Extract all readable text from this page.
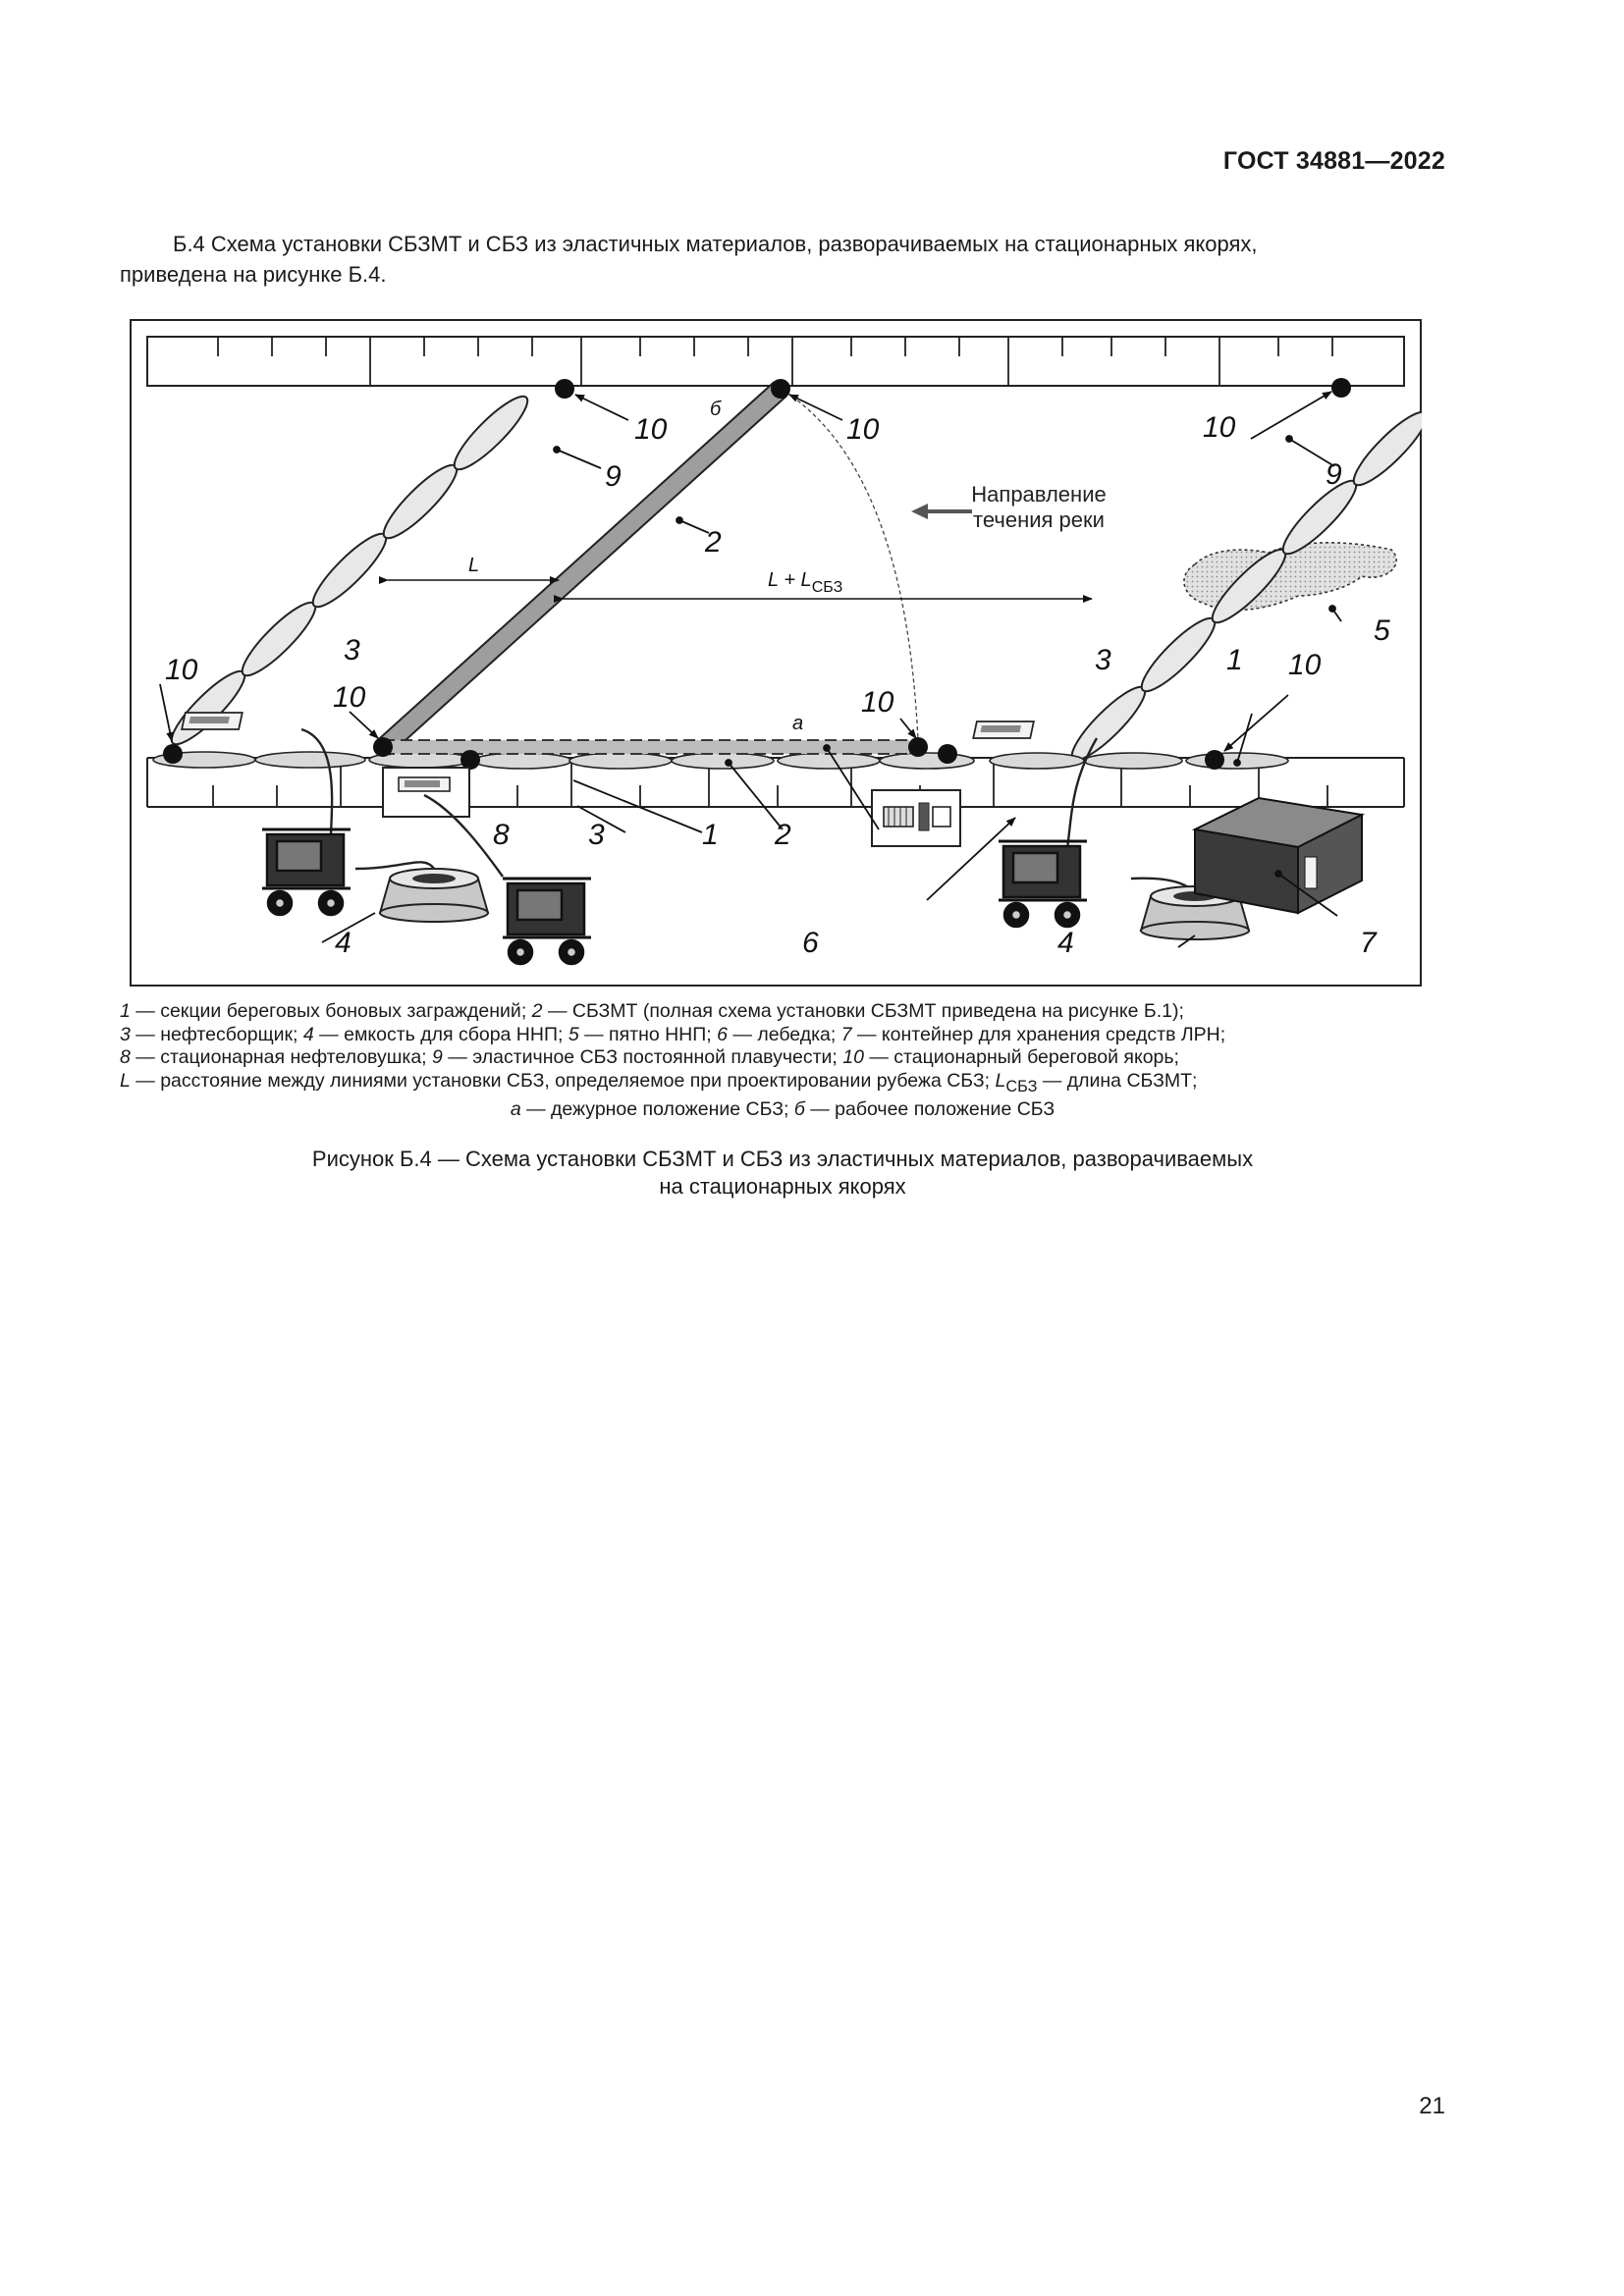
ГОСТ 34881—2022
Б.4 Схема установки СБЗМТ и СБЗ из эластичных материалов, разворачиваемых на стационарных якорях,
приведена на рисунке Б.4.
10
10
10	10	10
10
10
9	9
2
2
3	3
3
1
1
8
4	4
5
6	7
б
а
L
$L + L_{СБЗ}$
Направление
течения реки
1 — секции береговых боновых заграждений; 2 — СБЗМТ (полная схема установки СБЗМТ приведена на рисунке Б.1);
3 — нефтесборщик; 4 — емкость для сбора ННП; 5 — пятно ННП; 6 — лебедка; 7 — контейнер для хранения средств ЛРН;
8 — стационарная нефтеловушка; 9 — эластичное СБЗ постоянной плавучести; 10 — стационарный береговой якорь;
L — расстояние между линиями установки СБЗ, определяемое при проектировании рубежа СБЗ; $L_{СБЗ}$ — длина СБЗМТ;
а — дежурное положение СБЗ; б — рабочее положение СБЗ
Рисунок Б.4 — Схема установки СБЗМТ и СБЗ из эластичных материалов, разворачиваемых
на стационарных якорях
21
